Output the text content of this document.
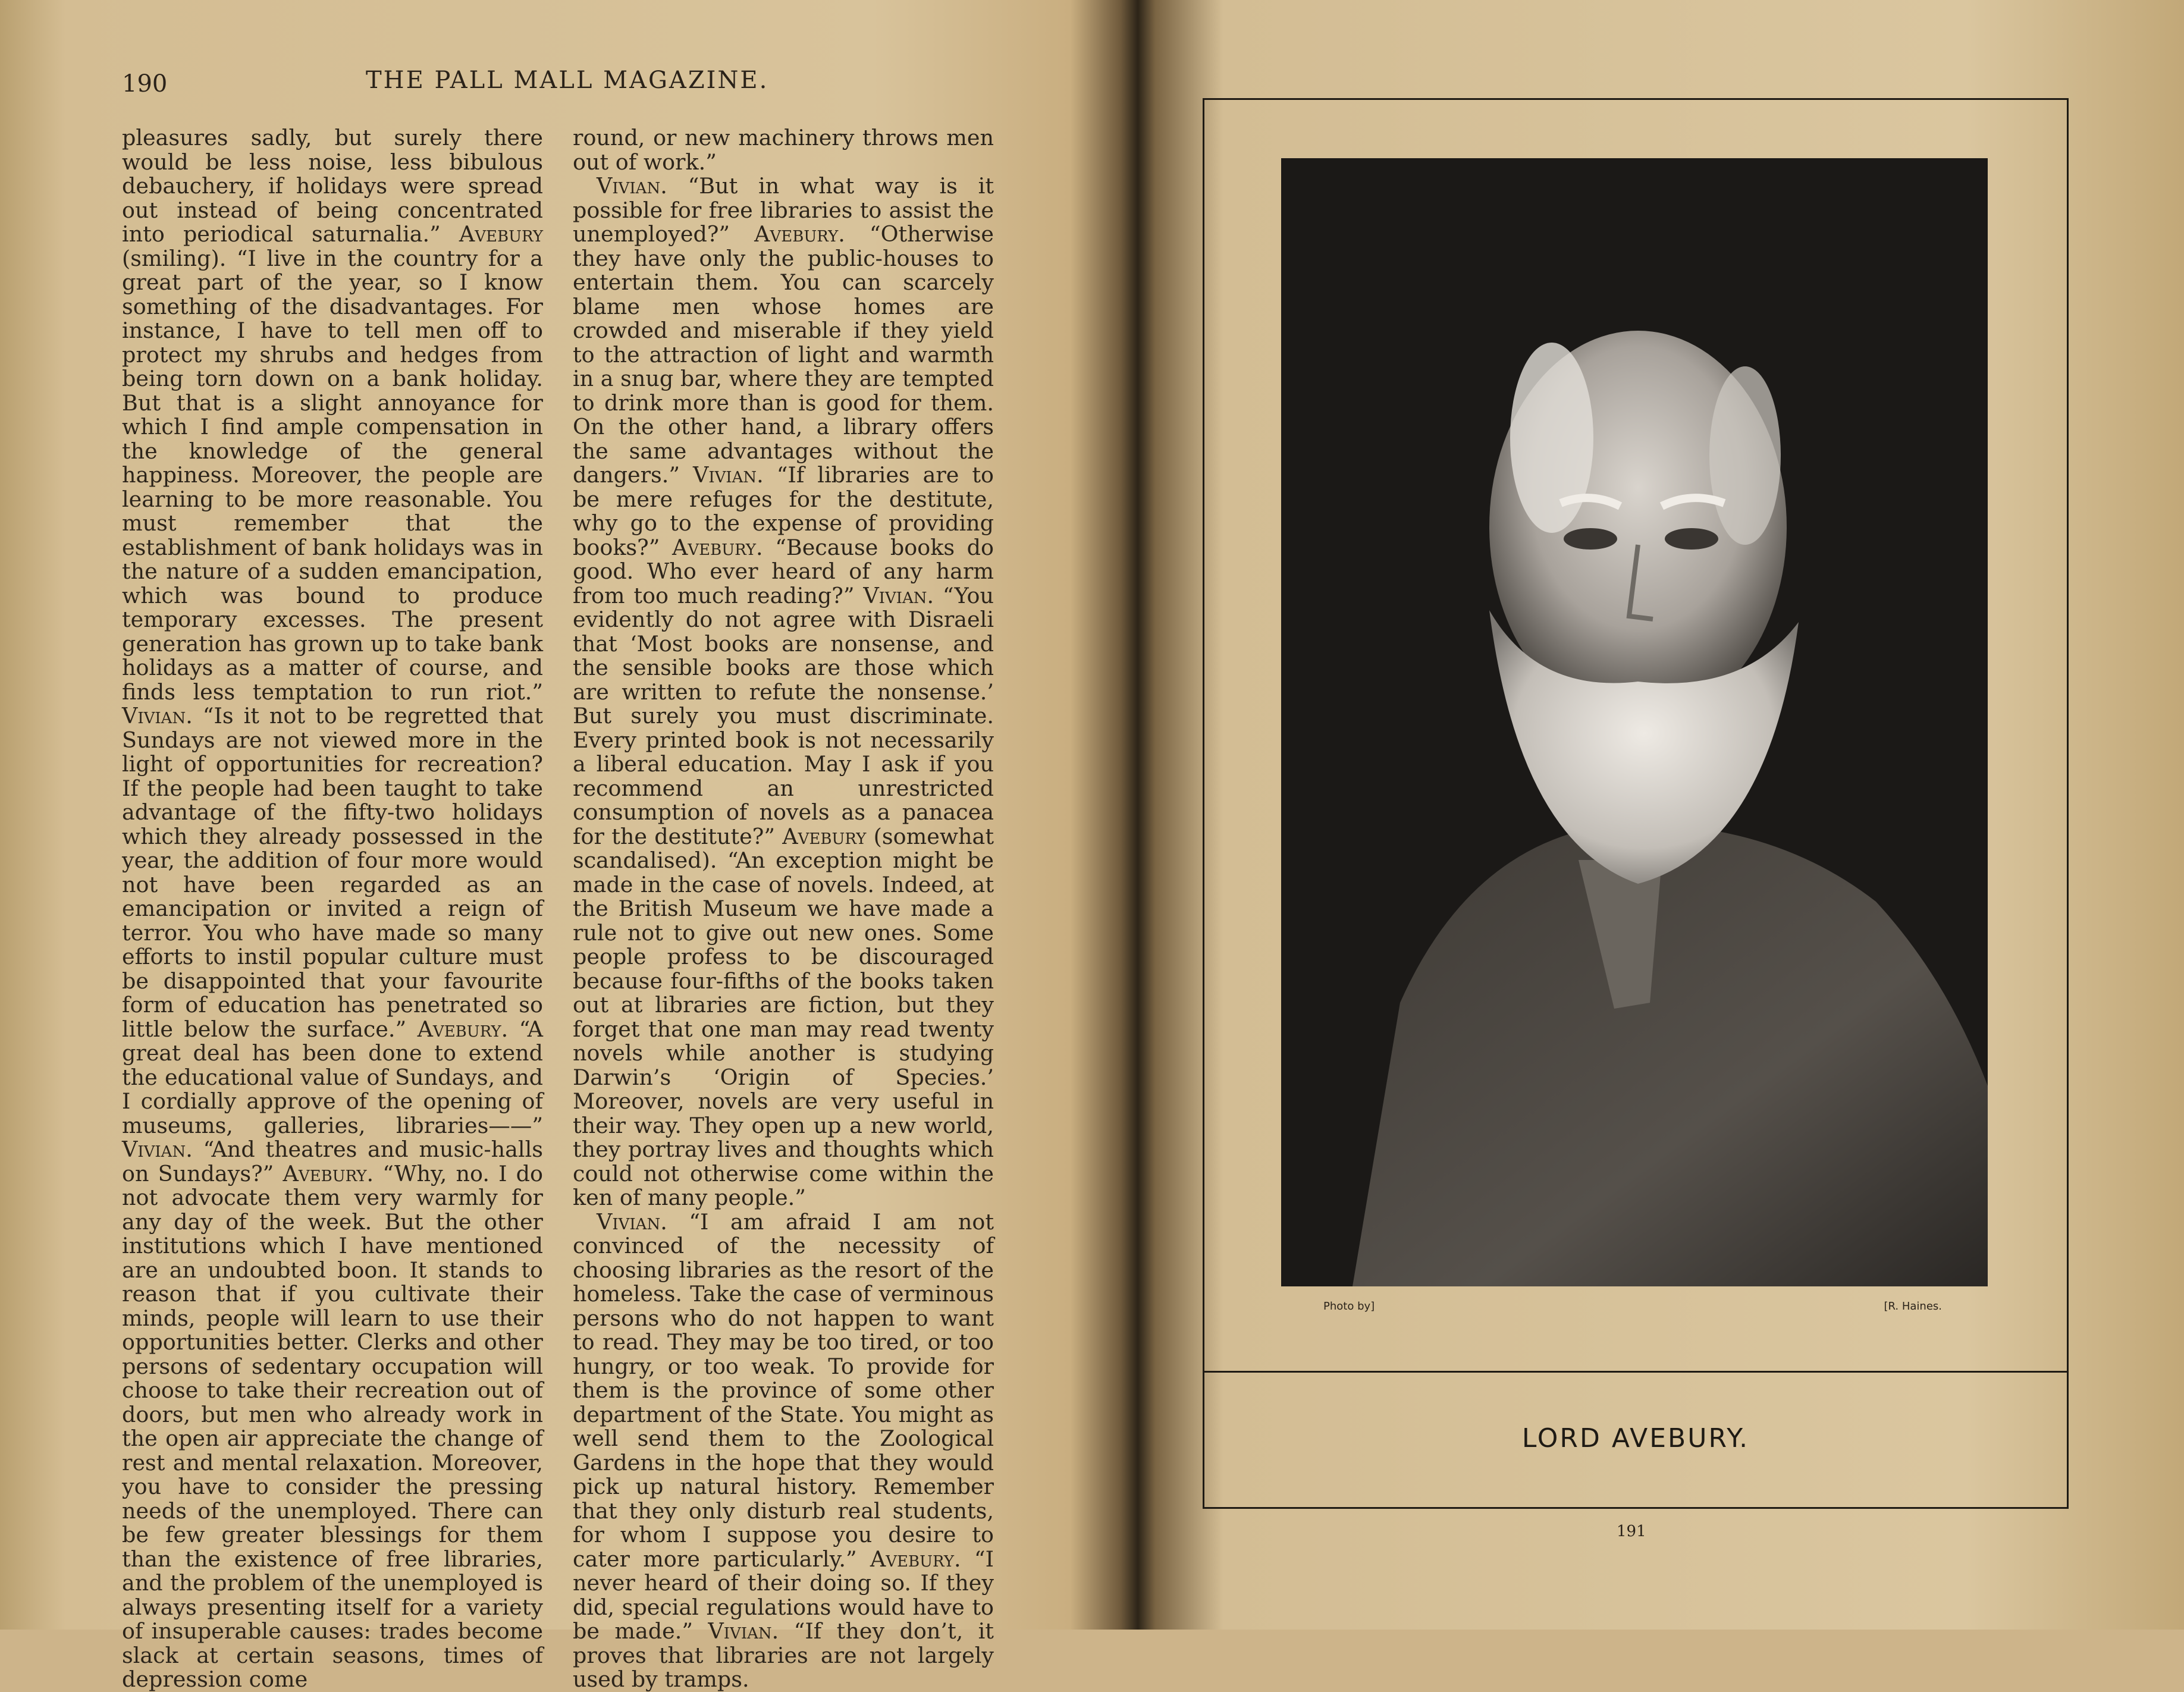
190	THE PALL MALL MAGAZINE.

pleasures sadly, but surely there would be less noise, less bibulous debauchery, if holidays were spread out instead of being concentrated into periodical saturnalia.” Avebury (smiling). “I live in the country for a great part of the year, so I know something of the disadvantages. For instance, I have to tell men off to protect my shrubs and hedges from being torn down on a bank holiday. But that is a slight annoyance for which I find ample compensation in the knowledge of the general happiness. Moreover, the people are learning to be more reasonable. You must remember that the establishment of bank holidays was in the nature of a sudden emancipation, which was bound to produce temporary excesses. The present generation has grown up to take bank holidays as a matter of course, and finds less temptation to run riot.” Vivian. “Is it not to be regretted that Sundays are not viewed more in the light of opportunities for recreation? If the people had been taught to take advantage of the fifty-two holidays which they already possessed in the year, the addition of four more would not have been regarded as an emancipation or invited a reign of terror. You who have made so many efforts to instil popular culture must be disappointed that your favourite form of education has penetrated so little below the surface.” Avebury. “A great deal has been done to extend the educational value of Sundays, and I cordially approve of the opening of museums, galleries, libraries——” Vivian. “And theatres and music-halls on Sundays?” Avebury. “Why, no. I do not advocate them very warmly for any day of the week. But the other institutions which I have mentioned are an undoubted boon. It stands to reason that if you cultivate their minds, people will learn to use their opportunities better. Clerks and other persons of sedentary occupation will choose to take their recreation out of doors, but men who already work in the open air appreciate the change of rest and mental relaxation. Moreover, you have to consider the pressing needs of the unemployed. There can be few greater blessings for them than the existence of free libraries, and the problem of the unemployed is always presenting itself for a variety of insuperable causes: trades become slack at certain seasons, times of depression come

round, or new machinery throws men out of work.”

Vivian. “But in what way is it possible for free libraries to assist the unemployed?” Avebury. “Otherwise they have only the public-houses to entertain them. You can scarcely blame men whose homes are crowded and miserable if they yield to the attraction of light and warmth in a snug bar, where they are tempted to drink more than is good for them. On the other hand, a library offers the same advantages without the dangers.” Vivian. “If libraries are to be mere refuges for the destitute, why go to the expense of providing books?” Avebury. “Because books do good. Who ever heard of any harm from too much reading?” Vivian. “You evidently do not agree with Disraeli that ‘Most books are nonsense, and the sensible books are those which are written to refute the nonsense.’ But surely you must discriminate. Every printed book is not necessarily a liberal education. May I ask if you recommend an unrestricted consumption of novels as a panacea for the destitute?” Avebury (somewhat scandalised). “An exception might be made in the case of novels. Indeed, at the British Museum we have made a rule not to give out new ones. Some people profess to be discouraged because four-fifths of the books taken out at libraries are fiction, but they forget that one man may read twenty novels while another is studying Darwin’s ‘Origin of Species.’ Moreover, novels are very useful in their way. They open up a new world, they portray lives and thoughts which could not otherwise come within the ken of many people.”

Vivian. “I am afraid I am not convinced of the necessity of choosing libraries as the resort of the homeless. Take the case of verminous persons who do not happen to want to read. They may be too tired, or too hungry, or too weak. To provide for them is the province of some other department of the State. You might as well send them to the Zoological Gardens in the hope that they would pick up natural history. Remember that they only disturb real students, for whom I suppose you desire to cater more particularly.” Avebury. “I never heard of their doing so. If they did, special regulations would have to be made.” Vivian. “If they don’t, it proves that libraries are not largely used by tramps.

Photo by]	[R. Haines.
LORD AVEBURY.
191
